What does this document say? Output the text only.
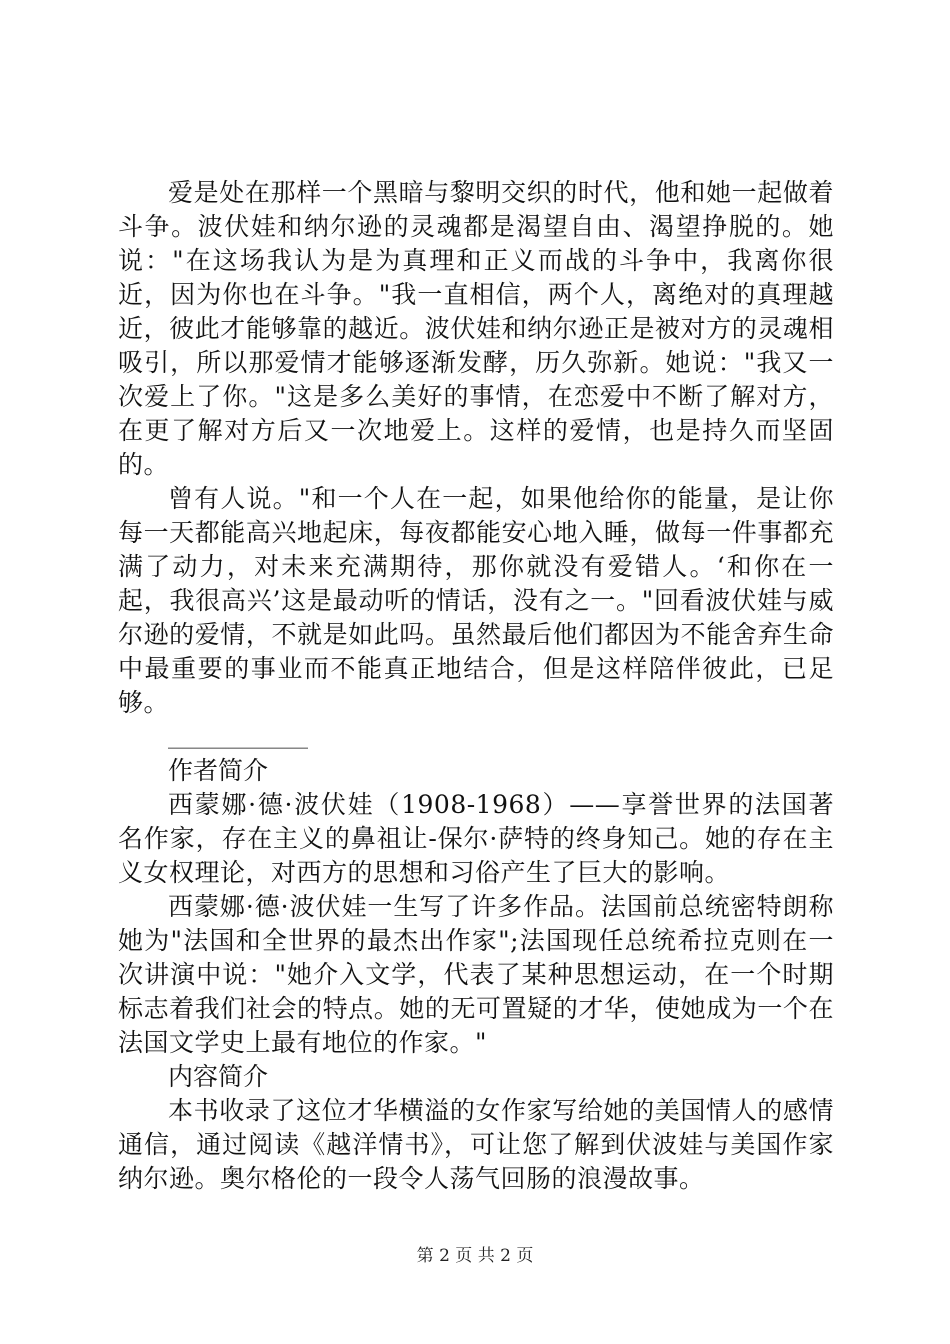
爱是处在那样一个黑暗与黎明交织的时代，他和她一起做着斗争。波伏娃和纳尔逊的灵魂都是渴望自由、渴望挣脱的。她说："在这场我认为是为真理和正义而战的斗争中，我离你很近，因为你也在斗争。"我一直相信，两个人，离绝对的真理越近，彼此才能够靠的越近。波伏娃和纳尔逊正是被对方的灵魂相吸引，所以那爱情才能够逐渐发酵，历久弥新。她说："我又一次爱上了你。"这是多么美好的事情，在恋爱中不断了解对方，在更了解对方后又一次地爱上。这样的爱情，也是持久而坚固的。

曾有人说。"和一个人在一起，如果他给你的能量，是让你每一天都能高兴地起床，每夜都能安心地入睡，做每一件事都充满了动力，对未来充满期待，那你就没有爱错人。‘和你在一起，我很高兴’这是最动听的情话，没有之一。"回看波伏娃与威尔逊的爱情，不就是如此吗。虽然最后他们都因为不能舍弃生命中最重要的事业而不能真正地结合，但是这样陪伴彼此，已足够。

______________

作者简介

西蒙娜·德·波伏娃（1908-1968）——享誉世界的法国著名作家，存在主义的鼻祖让-保尔·萨特的终身知己。她的存在主义女权理论，对西方的思想和习俗产生了巨大的影响。

西蒙娜·德·波伏娃一生写了许多作品。法国前总统密特朗称她为"法国和全世界的最杰出作家";法国现任总统希拉克则在一次讲演中说："她介入文学，代表了某种思想运动，在一个时期标志着我们社会的特点。她的无可置疑的才华，使她成为一个在法国文学史上最有地位的作家。"

内容简介

本书收录了这位才华横溢的女作家写给她的美国情人的感情通信，通过阅读《越洋情书》，可让您了解到伏波娃与美国作家纳尔逊。奥尔格伦的一段令人荡气回肠的浪漫故事。

第 2 页 共 2 页
